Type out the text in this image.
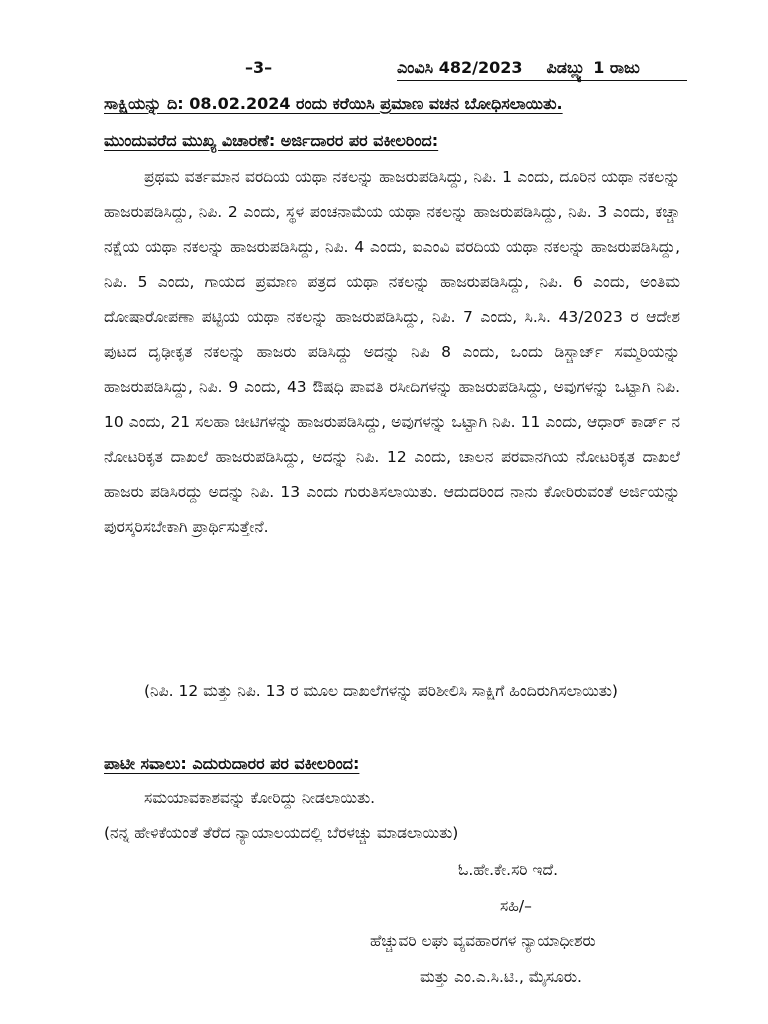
–3–	ಎಂವಿಸಿ 482/2023 ಪಿಡಬ್ಲ್ಯು 1 ರಾಜು
ಸಾಕ್ಷಿಯನ್ನು ದಿ: 08.02.2024 ರಂದು ಕರೆಯಿಸಿ ಪ್ರಮಾಣ ವಚನ ಬೋಧಿಸಲಾಯಿತು.
ಮುಂದುವರೆದ ಮುಖ್ಯ ವಿಚಾರಣೆ: ಅರ್ಜಿದಾರರ ಪರ ವಕೀಲರಿಂದ:
ಪ್ರಥಮ ವರ್ತಮಾನ ವರದಿಯ ಯಥಾ ನಕಲನ್ನು ಹಾಜರುಪಡಿಸಿದ್ದು, ನಿಪಿ. 1 ಎಂದು, ದೂರಿನ ಯಥಾ ನಕಲನ್ನು ಹಾಜರುಪಡಿಸಿದ್ದು, ನಿಪಿ. 2 ಎಂದು, ಸ್ಥಳ ಪಂಚನಾಮೆಯ ಯಥಾ ನಕಲನ್ನು ಹಾಜರುಪಡಿಸಿದ್ದು, ನಿಪಿ. 3 ಎಂದು, ಕಚ್ಚಾ ನಕ್ಷೆಯ ಯಥಾ ನಕಲನ್ನು ಹಾಜರುಪಡಿಸಿದ್ದು, ನಿಪಿ. 4 ಎಂದು, ಐಎಂವಿ ವರದಿಯ ಯಥಾ ನಕಲನ್ನು ಹಾಜರುಪಡಿಸಿದ್ದು, ನಿಪಿ. 5 ಎಂದು, ಗಾಯದ ಪ್ರಮಾಣ ಪತ್ರದ ಯಥಾ ನಕಲನ್ನು ಹಾಜರುಪಡಿಸಿದ್ದು, ನಿಪಿ. 6 ಎಂದು, ಅಂತಿಮ ದೋಷಾರೋಪಣಾ ಪಟ್ಟಿಯ ಯಥಾ ನಕಲನ್ನು ಹಾಜರುಪಡಿಸಿದ್ದು, ನಿಪಿ. 7 ಎಂದು, ಸಿ.ಸಿ. 43/2023 ರ ಆದೇಶ ಪುಟದ ದೃಢೀಕೃತ ನಕಲನ್ನು ಹಾಜರು ಪಡಿಸಿದ್ದು ಅದನ್ನು ನಿಪಿ 8 ಎಂದು, ಒಂದು ಡಿಸ್ಚಾರ್ಜ್ ಸಮ್ಮರಿಯನ್ನು ಹಾಜರುಪಡಿಸಿದ್ದು, ನಿಪಿ. 9 ಎಂದು, 43 ಔಷಧಿ ಪಾವತಿ ರಸೀದಿಗಳನ್ನು ಹಾಜರುಪಡಿಸಿದ್ದು, ಅವುಗಳನ್ನು ಒಟ್ಟಾಗಿ ನಿಪಿ. 10 ಎಂದು, 21 ಸಲಹಾ ಚೀಟಿಗಳನ್ನು ಹಾಜರುಪಡಿಸಿದ್ದು, ಅವುಗಳನ್ನು ಒಟ್ಟಾಗಿ ನಿಪಿ. 11 ಎಂದು, ಆಧಾರ್ ಕಾರ್ಡ್ ನ ನೋಟರಿಕೃತ ದಾಖಲೆ ಹಾಜರುಪಡಿಸಿದ್ದು, ಅದನ್ನು ನಿಪಿ. 12 ಎಂದು, ಚಾಲನ ಪರವಾನಗಿಯ ನೋಟರಿಕೃತ ದಾಖಲೆ ಹಾಜರು ಪಡಿಸಿರದ್ದು ಅದನ್ನು ನಿಪಿ. 13 ಎಂದು ಗುರುತಿಸಲಾಯಿತು. ಆದುದರಿಂದ ನಾನು ಕೋರಿರುವಂತೆ ಅರ್ಜಿಯನ್ನು ಪುರಸ್ಕರಿಸಬೇಕಾಗಿ ಪ್ರಾರ್ಥಿಸುತ್ತೇನೆ.
(ನಿಪಿ. 12 ಮತ್ತು ನಿಪಿ. 13 ರ ಮೂಲ ದಾಖಲೆಗಳನ್ನು ಪರಿಶೀಲಿಸಿ ಸಾಕ್ಷಿಗೆ ಹಿಂದಿರುಗಿಸಲಾಯಿತು)
ಪಾಟೀ ಸವಾಲು: ಎದುರುದಾರರ ಪರ ವಕೀಲರಿಂದ:
ಸಮಯಾವಕಾಶವನ್ನು ಕೋರಿದ್ದು ನೀಡಲಾಯಿತು.
(ನನ್ನ ಹೇಳಿಕೆಯಂತೆ ತೆರೆದ ನ್ಯಾಯಾಲಯದಲ್ಲಿ ಬೆರಳಚ್ಚು ಮಾಡಲಾಯಿತು)
ಓ.ಹೇ.ಕೇ.ಸರಿ ಇದೆ.
ಸಹಿ/–
ಹೆಚ್ಚುವರಿ ಲಘು ವ್ಯವಹಾರಗಳ ನ್ಯಾಯಾಧೀಶರು
ಮತ್ತು ಎಂ.ಎ.ಸಿ.ಟಿ., ಮೈಸೂರು.
